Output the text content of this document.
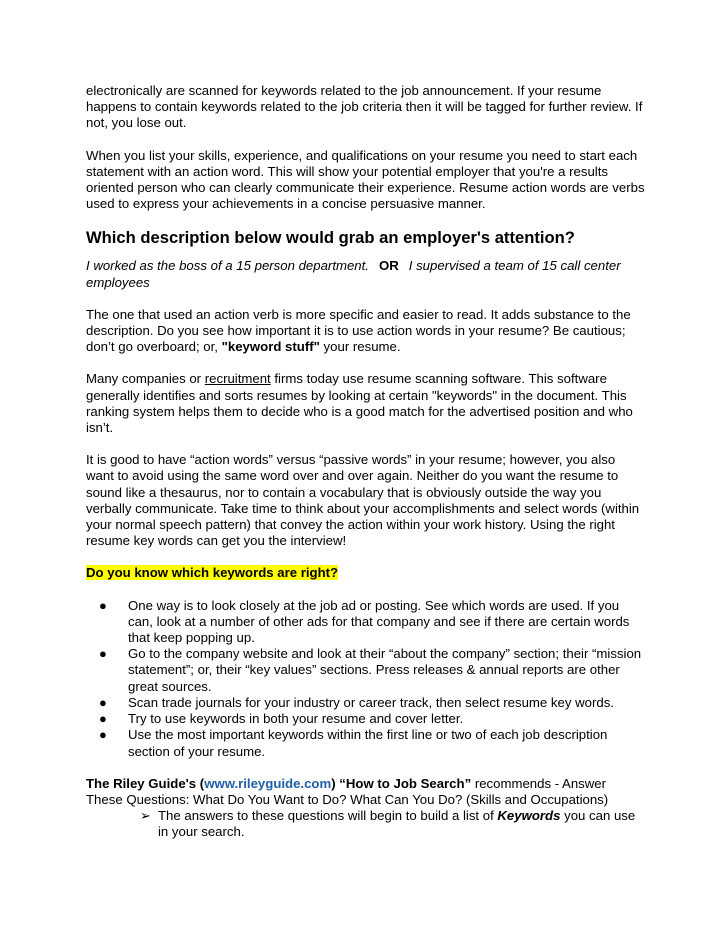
electronically are scanned for keywords related to the job announcement. If your resume happens to contain keywords related to the job criteria then it will be tagged for further review. If not, you lose out.

When you list your skills, experience, and qualifications on your resume you need to start each statement with an action word. This will show your potential employer that you're a results oriented person who can clearly communicate their experience. Resume action words are verbs used to express your achievements in a concise persuasive manner.

Which description below would grab an employer's attention?

I worked as the boss of a 15 person department. OR I supervised a team of 15 call center employees

The one that used an action verb is more specific and easier to read. It adds substance to the description. Do you see how important it is to use action words in your resume? Be cautious; don’t go overboard; or, "keyword stuff" your resume.

Many companies or recruitment firms today use resume scanning software. This software generally identifies and sorts resumes by looking at certain "keywords" in the document. This ranking system helps them to decide who is a good match for the advertised position and who isn’t.

It is good to have “action words” versus “passive words” in your resume; however, you also want to avoid using the same word over and over again. Neither do you want the resume to sound like a thesaurus, nor to contain a vocabulary that is obviously outside the way you verbally communicate. Take time to think about your accomplishments and select words (within your normal speech pattern) that convey the action within your work history. Using the right resume key words can get you the interview!

Do you know which keywords are right?

● One way is to look closely at the job ad or posting. See which words are used. If you can, look at a number of other ads for that company and see if there are certain words that keep popping up.
● Go to the company website and look at their “about the company” section; their “mission statement”; or, their “key values” sections. Press releases & annual reports are other great sources.
● Scan trade journals for your industry or career track, then select resume key words.
● Try to use keywords in both your resume and cover letter.
● Use the most important keywords within the first line or two of each job description section of your resume.

The Riley Guide's (www.rileyguide.com) “How to Job Search” recommends - Answer These Questions: What Do You Want to Do? What Can You Do? (Skills and Occupations)

➢ The answers to these questions will begin to build a list of Keywords you can use in your search.
